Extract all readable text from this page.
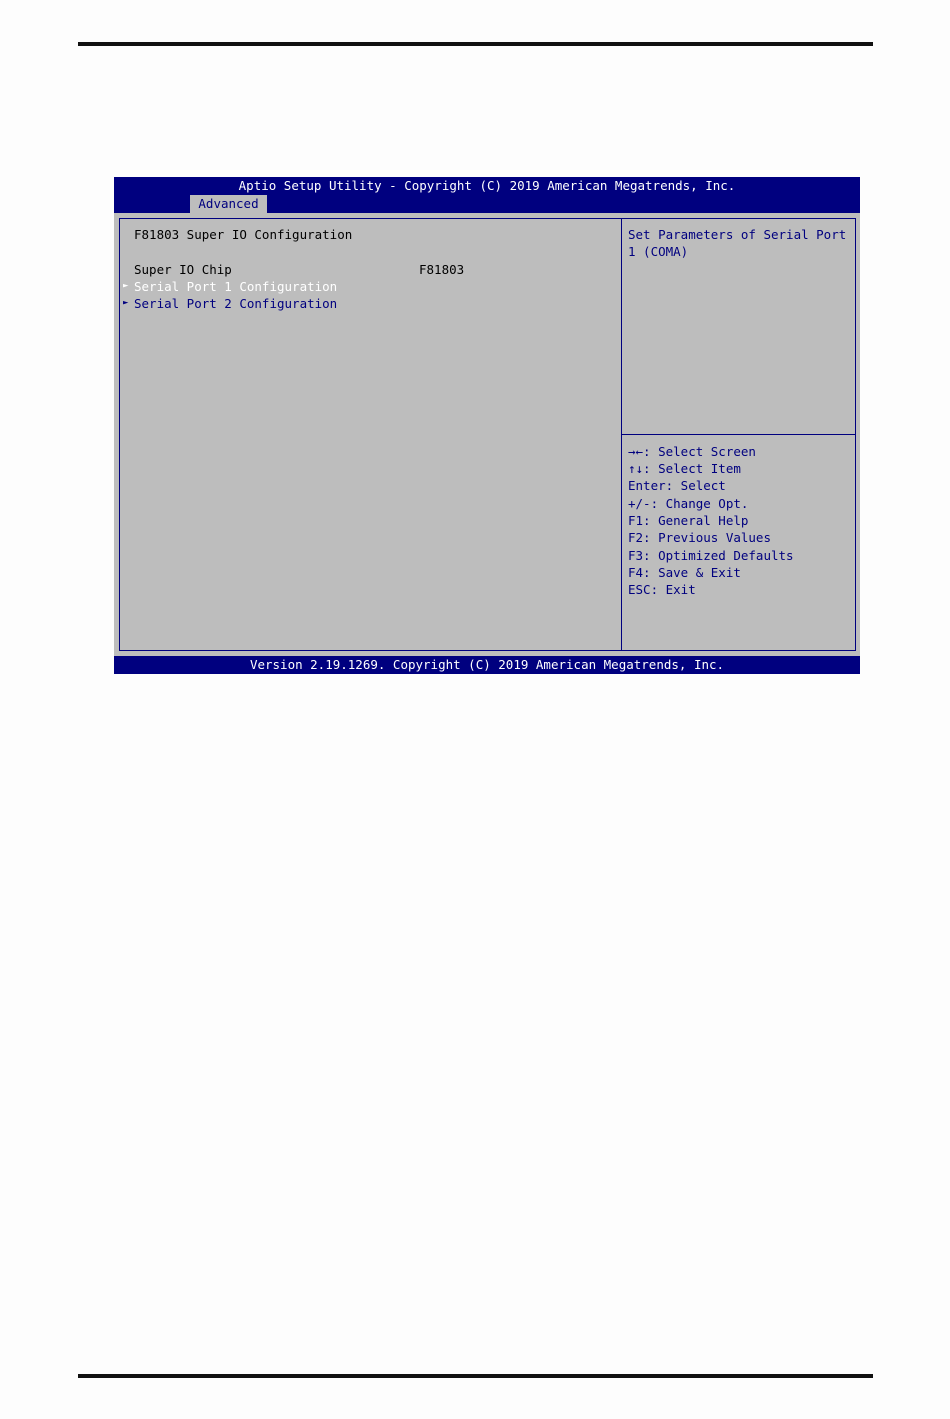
Aptio Setup Utility - Copyright (C) 2019 American Megatrends, Inc.
Advanced
F81803 Super IO Configuration
Super IO Chip	F81803
► Serial Port 1 Configuration
► Serial Port 2 Configuration
Set Parameters of Serial Port
1 (COMA)
→←: Select Screen
↑↓: Select Item
Enter: Select
+/-: Change Opt.
F1: General Help
F2: Previous Values
F3: Optimized Defaults
F4: Save & Exit
ESC: Exit
Version 2.19.1269. Copyright (C) 2019 American Megatrends, Inc.
